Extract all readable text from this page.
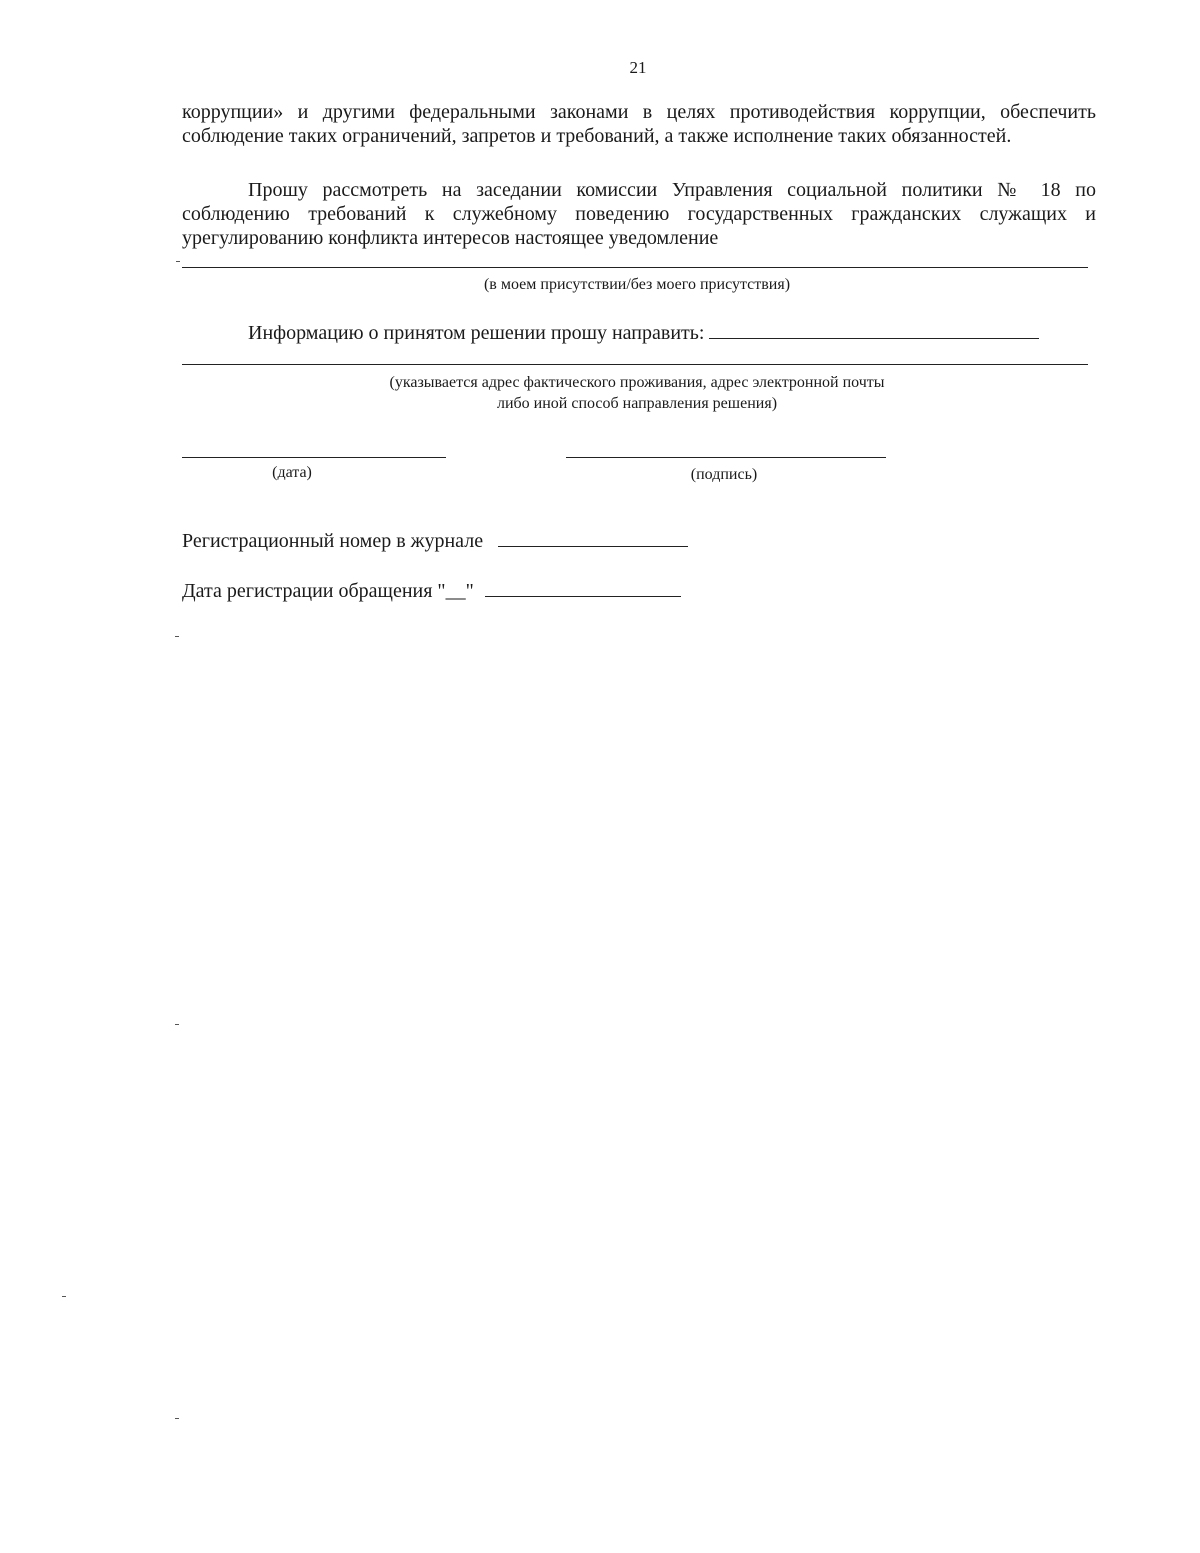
21

коррупции» и другими федеральными законами в целях противодействия коррупции, обеспечить соблюдение таких ограничений, запретов и требований, а также исполнение таких обязанностей.

Прошу рассмотреть на заседании комиссии Управления социальной политики № 18 по соблюдению требований к служебному поведению государственных гражданских служащих и урегулированию конфликта интересов настоящее уведомление

(в моем присутствии/без моего присутствия)
Информацию о принятом решении прошу направить:
(указывается адрес фактического проживания, адрес электронной почты
либо иной способ направления решения)
(дата)	(подпись)
Регистрационный номер в журнале
Дата регистрации обращения "__"
